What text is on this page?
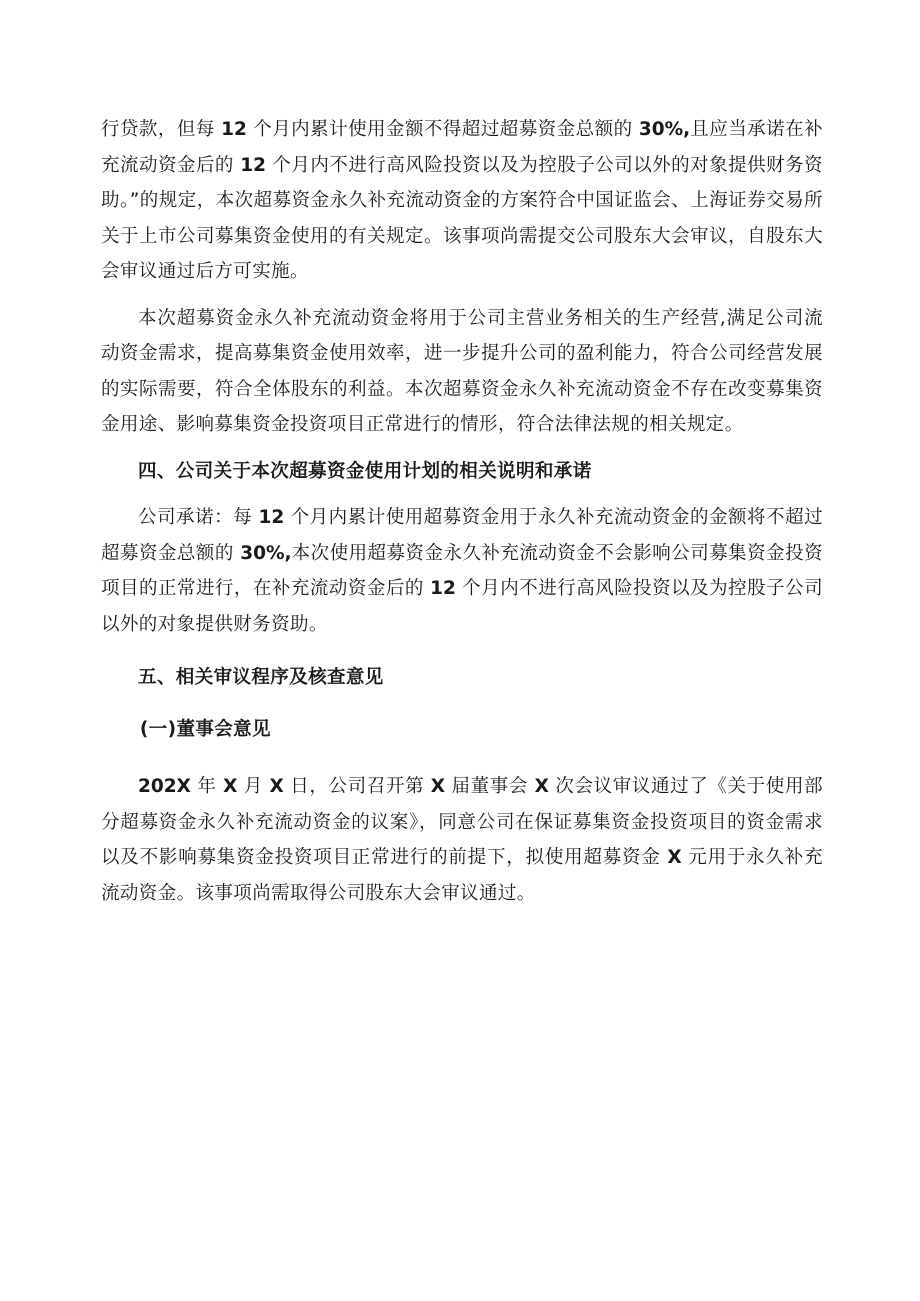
行贷款，但每 12 个月内累计使用金额不得超过超募资金总额的 30%,且应当承诺在补充流动资金后的 12 个月内不进行高风险投资以及为控股子公司以外的对象提供财务资助。”的规定，本次超募资金永久补充流动资金的方案符合中国证监会、上海证券交易所关于上市公司募集资金使用的有关规定。该事项尚需提交公司股东大会审议，自股东大会审议通过后方可实施。

本次超募资金永久补充流动资金将用于公司主营业务相关的生产经营,满足公司流动资金需求，提高募集资金使用效率，进一步提升公司的盈利能力，符合公司经营发展的实际需要，符合全体股东的利益。本次超募资金永久补充流动资金不存在改变募集资金用途、影响募集资金投资项目正常进行的情形，符合法律法规的相关规定。

四、公司关于本次超募资金使用计划的相关说明和承诺

公司承诺：每 12 个月内累计使用超募资金用于永久补充流动资金的金额将不超过超募资金总额的 30%,本次使用超募资金永久补充流动资金不会影响公司募集资金投资项目的正常进行，在补充流动资金后的 12 个月内不进行高风险投资以及为控股子公司以外的对象提供财务资助。

五、相关审议程序及核查意见

(一)董事会意见

202X 年 X 月 X 日，公司召开第 X 届董事会 X 次会议审议通过了《关于使用部分超募资金永久补充流动资金的议案》，同意公司在保证募集资金投资项目的资金需求以及不影响募集资金投资项目正常进行的前提下，拟使用超募资金 X 元用于永久补充流动资金。该事项尚需取得公司股东大会审议通过。
